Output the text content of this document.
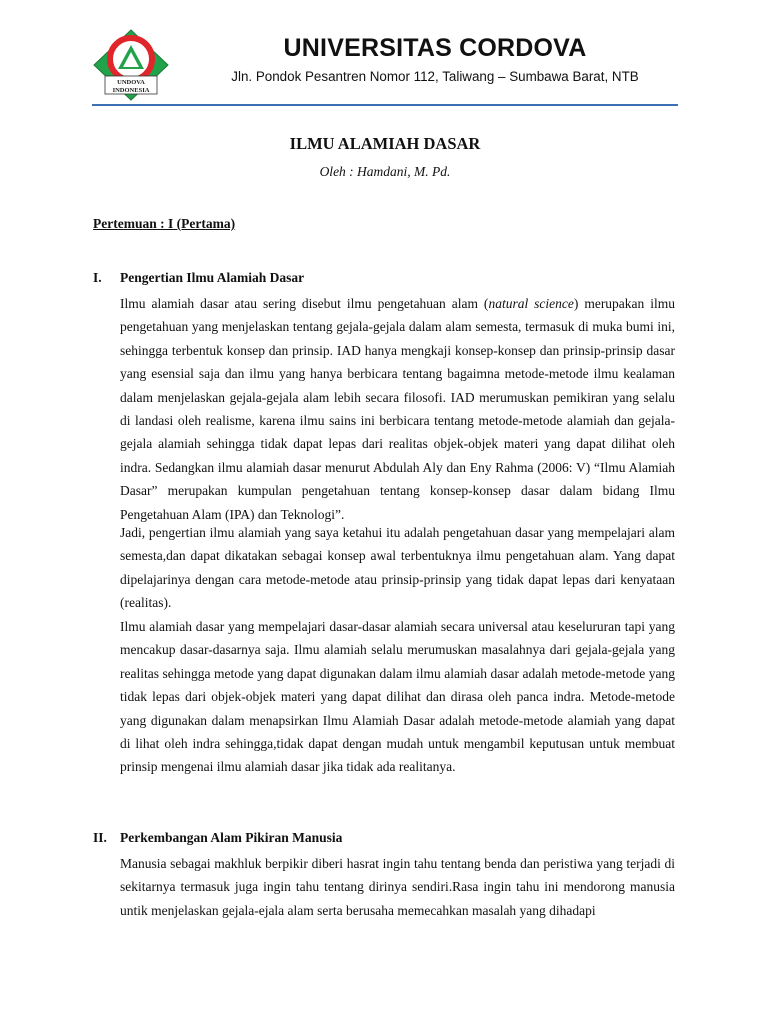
UNDOVA
INDONESIA
UNIVERSITAS CORDOVA
Jln. Pondok Pesantren Nomor 112, Taliwang – Sumbawa Barat, NTB
ILMU ALAMIAH DASAR
Oleh : Hamdani, M. Pd.
Pertemuan : I (Pertama)
I. Pengertian Ilmu Alamiah Dasar

Ilmu alamiah dasar atau sering disebut ilmu pengetahuan alam (natural science) merupakan ilmu pengetahuan yang menjelaskan tentang gejala-gejala dalam alam semesta, termasuk di muka bumi ini, sehingga terbentuk konsep dan prinsip. IAD hanya mengkaji konsep-konsep dan prinsip-prinsip dasar yang esensial saja dan ilmu yang hanya berbicara tentang bagaimna metode-metode ilmu kealaman dalam menjelaskan gejala-gejala alam lebih secara filosofi. IAD merumuskan pemikiran yang selalu di landasi oleh realisme, karena ilmu sains ini berbicara tentang metode-metode alamiah dan gejala-gejala alamiah sehingga tidak dapat lepas dari realitas objek-objek materi yang dapat dilihat oleh indra. Sedangkan ilmu alamiah dasar menurut Abdulah Aly dan Eny Rahma (2006: V) “Ilmu Alamiah Dasar” merupakan kumpulan pengetahuan tentang konsep-konsep dasar dalam bidang Ilmu Pengetahuan Alam (IPA) dan Teknologi”.

Jadi, pengertian ilmu alamiah yang saya ketahui itu adalah pengetahuan dasar yang mempelajari alam semesta,dan dapat dikatakan sebagai konsep awal terbentuknya ilmu pengetahuan alam. Yang dapat dipelajarinya dengan cara metode-metode atau prinsip-prinsip yang tidak dapat lepas dari kenyataan (realitas).

Ilmu alamiah dasar yang mempelajari dasar-dasar alamiah secara universal atau keselururan tapi yang mencakup dasar-dasarnya saja. Ilmu alamiah selalu merumuskan masalahnya dari gejala-gejala yang realitas sehingga metode yang dapat digunakan dalam ilmu alamiah dasar adalah metode-metode yang tidak lepas dari objek-objek materi yang dapat dilihat dan dirasa oleh panca indra. Metode-metode yang digunakan dalam menapsirkan Ilmu Alamiah Dasar adalah metode-metode alamiah yang dapat di lihat oleh indra sehingga,tidak dapat dengan mudah untuk mengambil keputusan untuk membuat prinsip mengenai ilmu alamiah dasar jika tidak ada realitanya.

II. Perkembangan Alam Pikiran Manusia

Manusia sebagai makhluk berpikir diberi hasrat ingin tahu tentang benda dan peristiwa yang terjadi di sekitarnya termasuk juga ingin tahu tentang dirinya sendiri.Rasa ingin tahu ini mendorong manusia untik menjelaskan gejala-ejala alam serta berusaha memecahkan masalah yang dihadapi
